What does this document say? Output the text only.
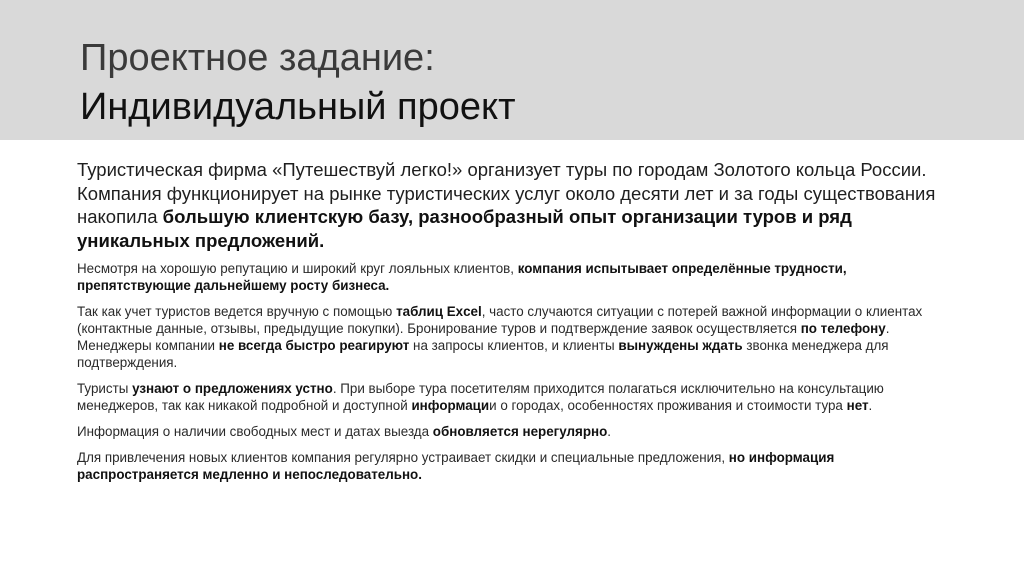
Проектное задание:
Индивидуальный проект

Туристическая фирма «Путешествуй легко!» организует туры по городам Золотого кольца России. Компания функционирует на рынке туристических услуг около десяти лет и за годы существования накопила большую клиентскую базу, разнообразный опыт организации туров и ряд уникальных предложений.

Несмотря на хорошую репутацию и широкий круг лояльных клиентов, компания испытывает определённые трудности, препятствующие дальнейшему росту бизнеса.

Так как учет туристов ведется вручную с помощью таблиц Excel, часто случаются ситуации с потерей важной информации о клиентах (контактные данные, отзывы, предыдущие покупки). Бронирование туров и подтверждение заявок осуществляется по телефону. Менеджеры компании не всегда быстро реагируют на запросы клиентов, и клиенты вынуждены ждать звонка менеджера для подтверждения.

Туристы узнают о предложениях устно. При выборе тура посетителям приходится полагаться исключительно на консультацию менеджеров, так как никакой подробной и доступной информации о городах, особенностях проживания и стоимости тура нет.

Информация о наличии свободных мест и датах выезда обновляется нерегулярно.

Для привлечения новых клиентов компания регулярно устраивает скидки и специальные предложения, но информация распространяется медленно и непоследовательно.
